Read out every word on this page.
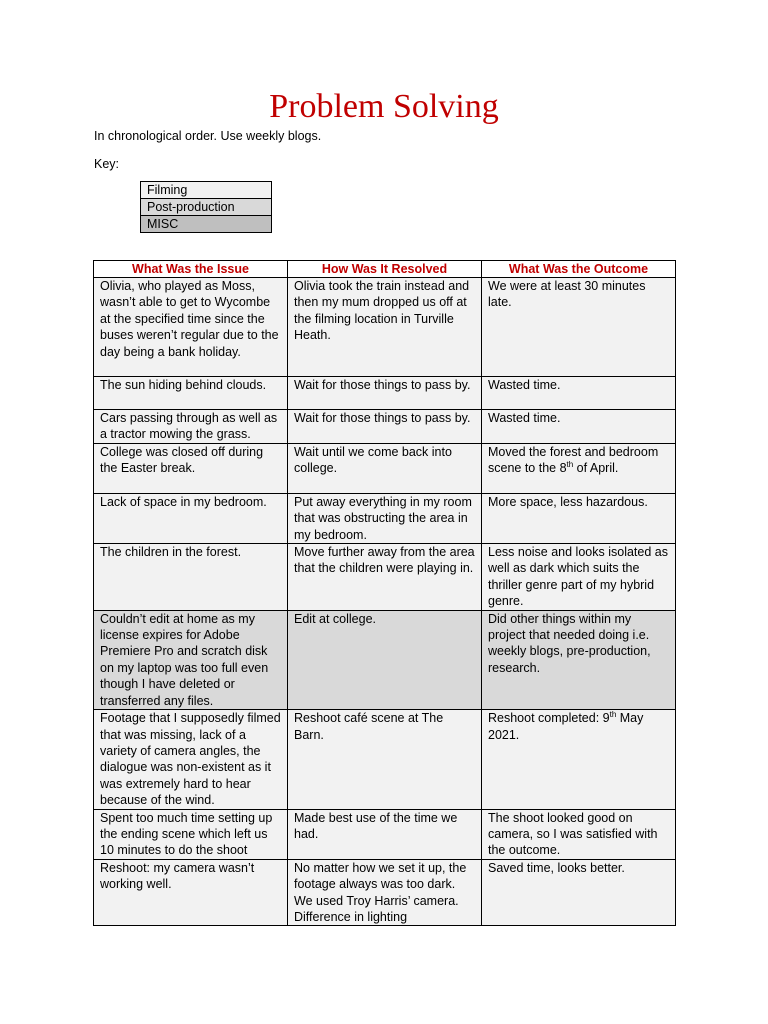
Problem Solving
In chronological order. Use weekly blogs.
Key:
Filming
Post-production
MISC
What Was the Issue	How Was It Resolved	What Was the Outcome
Olivia, who played as Moss, wasn’t able to get to Wycombe at the specified time since the buses weren’t regular due to the day being a bank holiday.	Olivia took the train instead and then my mum dropped us off at the filming location in Turville Heath.	We were at least 30 minutes late.
The sun hiding behind clouds.	Wait for those things to pass by.	Wasted time.
Cars passing through as well as a tractor mowing the grass.	Wait for those things to pass by.	Wasted time.
College was closed off during the Easter break.	Wait until we come back into college.	Moved the forest and bedroom scene to the 8th of April.
Lack of space in my bedroom.	Put away everything in my room that was obstructing the area in my bedroom.	More space, less hazardous.
The children in the forest.	Move further away from the area that the children were playing in.	Less noise and looks isolated as well as dark which suits the thriller genre part of my hybrid genre.
Couldn’t edit at home as my license expires for Adobe Premiere Pro and scratch disk on my laptop was too full even though I have deleted or transferred any files.	Edit at college.	Did other things within my project that needed doing i.e. weekly blogs, pre-production, research.
Footage that I supposedly filmed that was missing, lack of a variety of camera angles, the dialogue was non-existent as it was extremely hard to hear because of the wind.	Reshoot café scene at The Barn.	Reshoot completed: 9th May 2021.
Spent too much time setting up the ending scene which left us 10 minutes to do the shoot	Made best use of the time we had.	The shoot looked good on camera, so I was satisfied with the outcome.
Reshoot: my camera wasn’t working well.	No matter how we set it up, the footage always was too dark. We used Troy Harris’ camera. Difference in lighting	Saved time, looks better.
